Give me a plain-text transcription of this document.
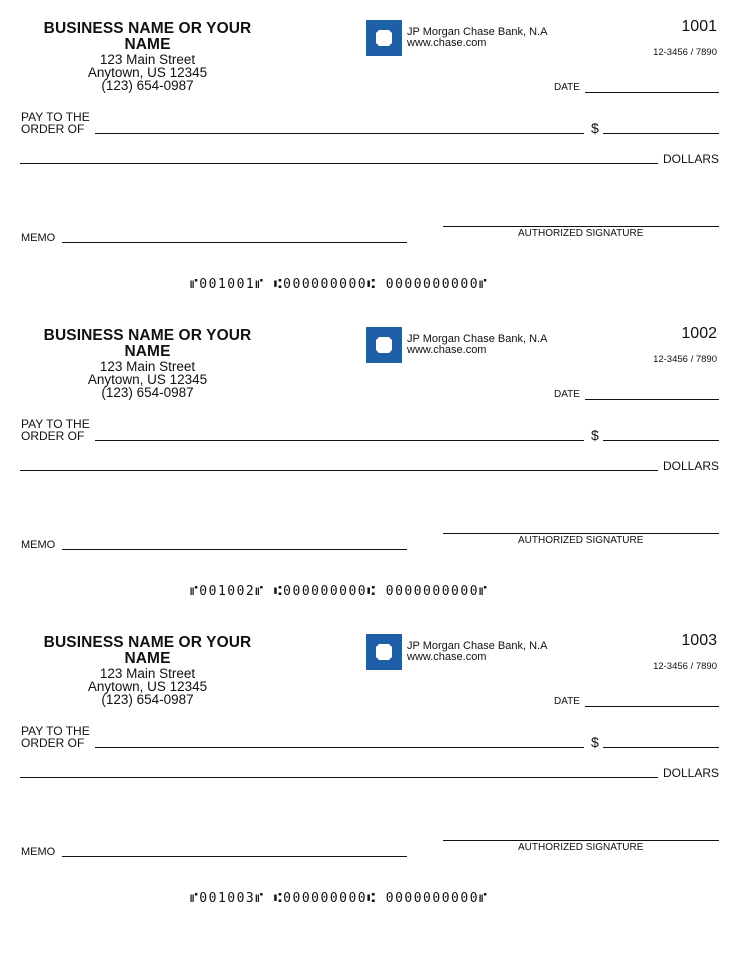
BUSINESS NAME OR YOUR NAME
123 Main Street
Anytown, US 12345
(123) 654-0987
JP Morgan Chase Bank, N.A
www.chase.com
1001
12-3456 / 7890
DATE
PAY TO THE
ORDER OF	$
DOLLARS
MEMO	AUTHORIZED SIGNATURE
⑈001001⑈ ⑆000000000⑆ 0000000000⑈
BUSINESS NAME OR YOUR NAME
123 Main Street
Anytown, US 12345
(123) 654-0987
JP Morgan Chase Bank, N.A
www.chase.com
1002
12-3456 / 7890
DATE
PAY TO THE
ORDER OF	$
DOLLARS
MEMO	AUTHORIZED SIGNATURE
⑈001002⑈ ⑆000000000⑆ 0000000000⑈
BUSINESS NAME OR YOUR NAME
123 Main Street
Anytown, US 12345
(123) 654-0987
JP Morgan Chase Bank, N.A
www.chase.com
1003
12-3456 / 7890
DATE
PAY TO THE
ORDER OF	$
DOLLARS
MEMO	AUTHORIZED SIGNATURE
⑈001003⑈ ⑆000000000⑆ 0000000000⑈
